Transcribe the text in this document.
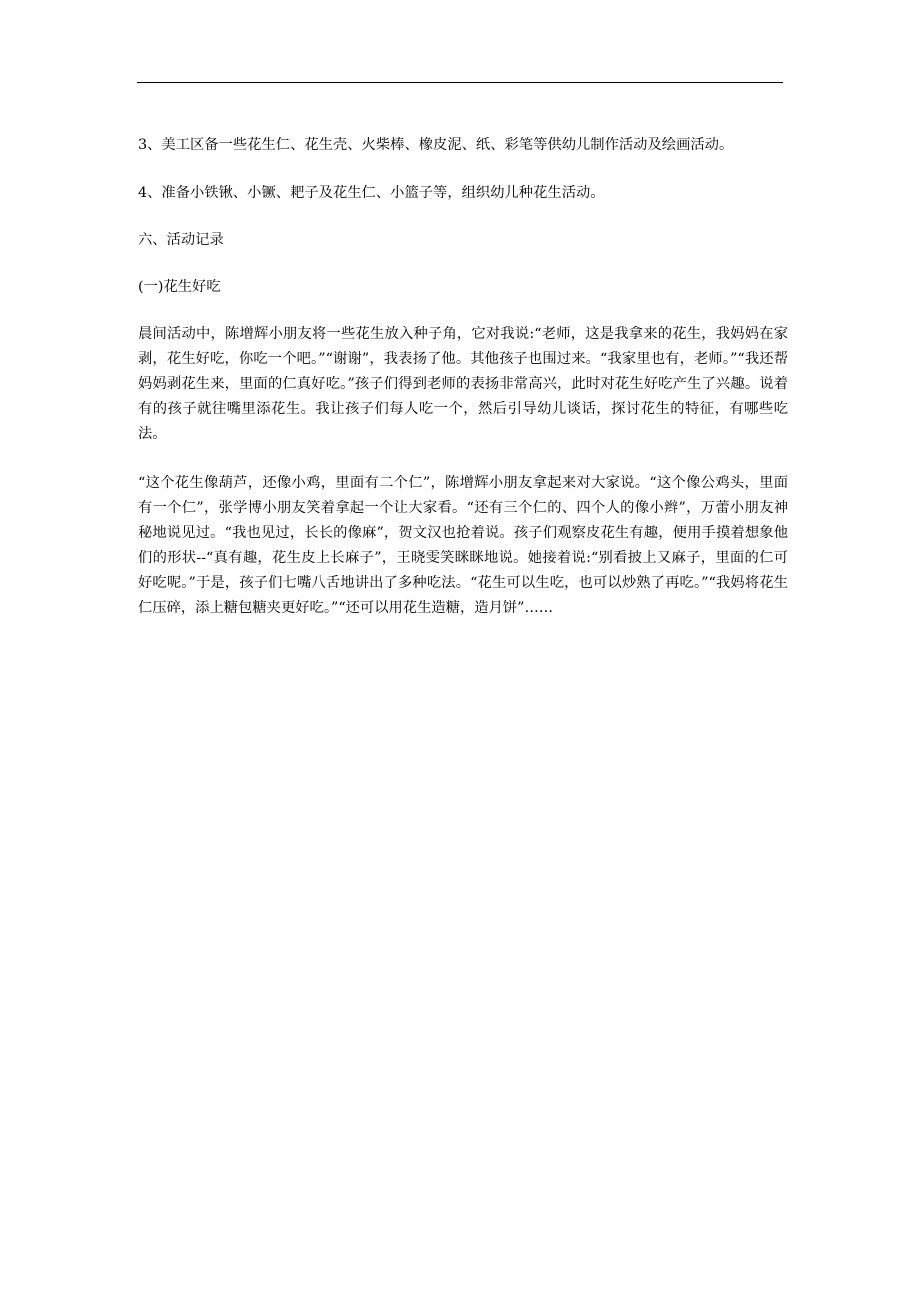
3、美工区备一些花生仁、花生壳、火柴棒、橡皮泥、纸、彩笔等供幼儿制作活动及绘画活动。

4、准备小铁锹、小镢、耙子及花生仁、小篮子等，组织幼儿种花生活动。

六、活动记录

(一)花生好吃

晨间活动中，陈增辉小朋友将一些花生放入种子角，它对我说:“老师，这是我拿来的花生，我妈妈在家剥，花生好吃，你吃一个吧。”“谢谢”，我表扬了他。其他孩子也围过来。“我家里也有，老师。”“我还帮妈妈剥花生来，里面的仁真好吃。”孩子们得到老师的表扬非常高兴，此时对花生好吃产生了兴趣。说着有的孩子就往嘴里添花生。我让孩子们每人吃一个，然后引导幼儿谈话，探讨花生的特征，有哪些吃法。

“这个花生像葫芦，还像小鸡，里面有二个仁”，陈增辉小朋友拿起来对大家说。“这个像公鸡头，里面有一个仁”，张学博小朋友笑着拿起一个让大家看。“还有三个仁的、四个人的像小辫”，万蕾小朋友神秘地说见过。“我也见过，长长的像麻”，贺文汉也抢着说。孩子们观察皮花生有趣，便用手摸着想象他们的形状--“真有趣，花生皮上长麻子”，王晓雯笑眯眯地说。她接着说:“别看披上又麻子，里面的仁可好吃呢。”于是，孩子们七嘴八舌地讲出了多种吃法。“花生可以生吃，也可以炒熟了再吃。”“我妈将花生仁压碎，添上糖包糖夹更好吃。”“还可以用花生造糖，造月饼”……
